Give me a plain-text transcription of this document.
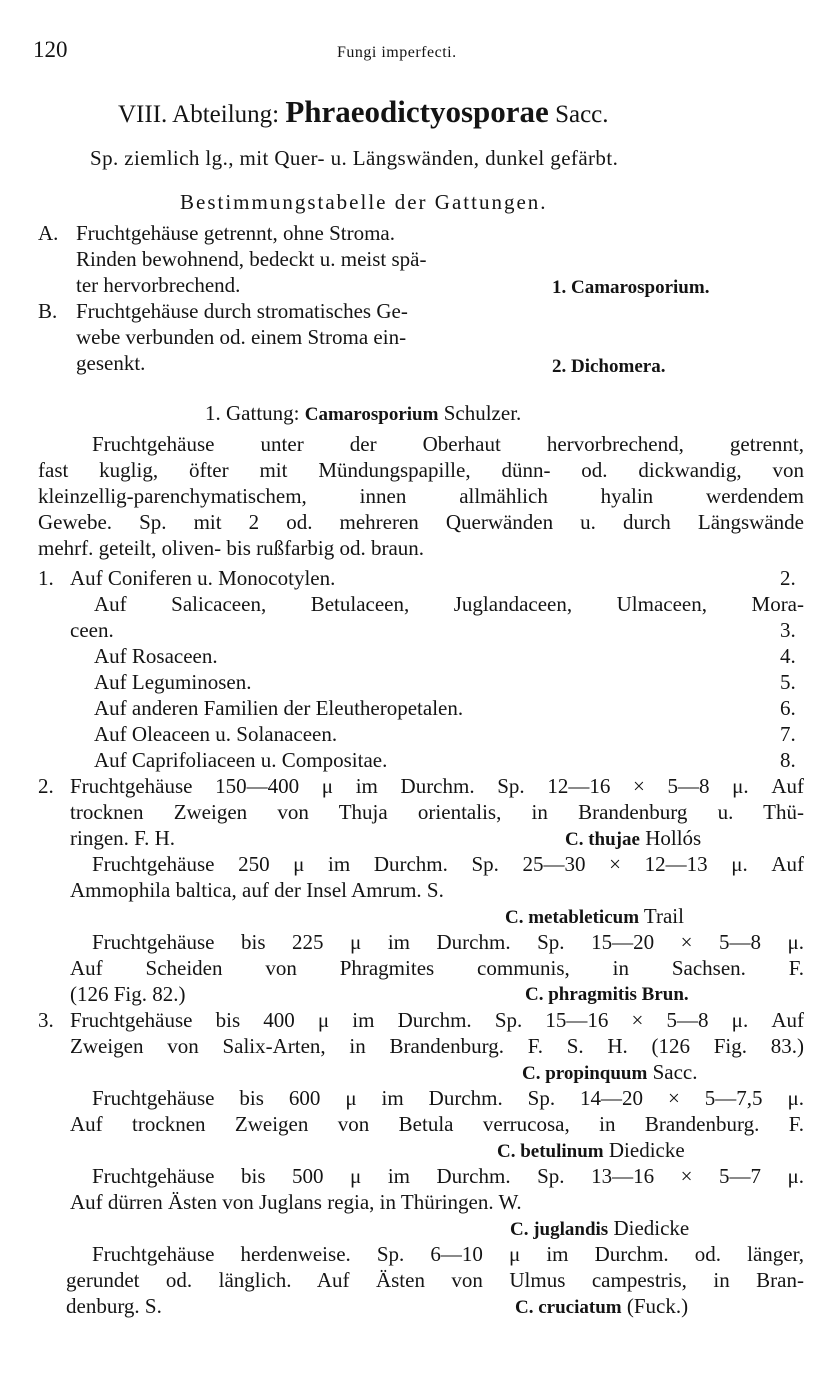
120	Fungi imperfecti.
VIII. Abteilung: Phraeodictyosporae Sacc.
Sp. ziemlich lg., mit Quer- u. Längswänden, dunkel gefärbt.
Bestimmungstabelle der Gattungen.
A. Fruchtgehäuse getrennt, ohne Stroma.
Rinden bewohnend, bedeckt u. meist spä-
ter hervorbrechend.	1. Camarosporium.
B. Fruchtgehäuse durch stromatisches Ge-
webe verbunden od. einem Stroma ein-
gesenkt.	2. Dichomera.
1. Gattung: Camarosporium Schulzer.
Fruchtgehäuse unter der Oberhaut hervorbrechend, getrennt,
fast kuglig, öfter mit Mündungspapille, dünn- od. dickwandig, von
kleinzellig-parenchymatischem, innen allmählich hyalin werdendem
Gewebe. Sp. mit 2 od. mehreren Querwänden u. durch Längswände
mehrf. geteilt, oliven- bis rußfarbig od. braun.
1. Auf Coniferen u. Monocotylen.	2.
Auf Salicaceen, Betulaceen, Juglandaceen, Ulmaceen, Mora-
ceen.	3.
Auf Rosaceen.	4.
Auf Leguminosen.	5.
Auf anderen Familien der Eleutheropetalen.	6.
Auf Oleaceen u. Solanaceen.	7.
Auf Caprifoliaceen u. Compositae.	8.
2. Fruchtgehäuse 150—400 μ im Durchm. Sp. 12—16 × 5—8 μ. Auf
trocknen Zweigen von Thuja orientalis, in Brandenburg u. Thü-
ringen. F. H.	C. thujae Hollós
Fruchtgehäuse 250 μ im Durchm. Sp. 25—30 × 12—13 μ. Auf
Ammophila baltica, auf der Insel Amrum. S.
C. metableticum Trail
Fruchtgehäuse bis 225 μ im Durchm. Sp. 15—20 × 5—8 μ.
Auf Scheiden von Phragmites communis, in Sachsen. F.
(126 Fig. 82.)	C. phragmitis Brun.
3. Fruchtgehäuse bis 400 μ im Durchm. Sp. 15—16 × 5—8 μ. Auf
Zweigen von Salix-Arten, in Brandenburg. F. S. H. (126 Fig. 83.)
C. propinquum Sacc.
Fruchtgehäuse bis 600 μ im Durchm. Sp. 14—20 × 5—7,5 μ.
Auf trocknen Zweigen von Betula verrucosa, in Brandenburg. F.
C. betulinum Diedicke
Fruchtgehäuse bis 500 μ im Durchm. Sp. 13—16 × 5—7 μ.
Auf dürren Ästen von Juglans regia, in Thüringen. W.
C. juglandis Diedicke
Fruchtgehäuse herdenweise. Sp. 6—10 μ im Durchm. od. länger,
gerundet od. länglich. Auf Ästen von Ulmus campestris, in Bran-
denburg. S.	C. cruciatum (Fuck.)
